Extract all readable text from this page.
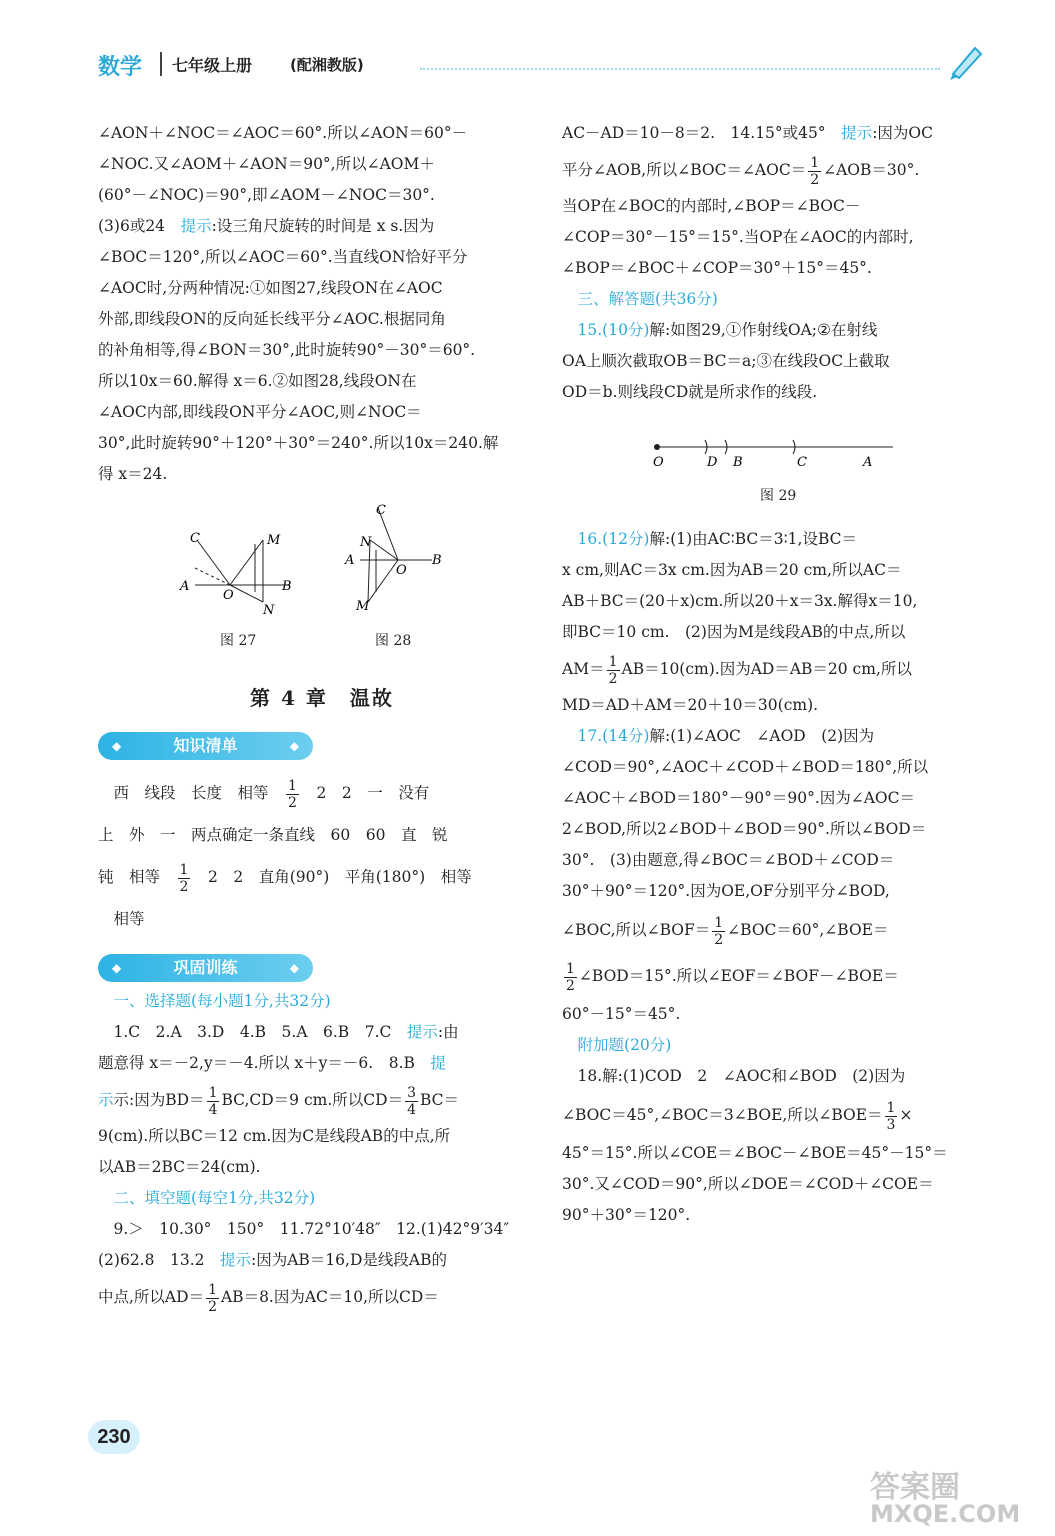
数学 七年级上册	(配湘教版)

∠AON＋∠NOC＝∠AOC＝60°.所以∠AON＝60°－

∠NOC.又∠AOM＋∠AON＝90°,所以∠AOM＋

(60°－∠NOC)＝90°,即∠AOM－∠NOC＝30°.

(3)6或24　 提示:设三角尺旋转的时间是 x s.因为

∠BOC＝120°,所以∠AOC＝60°.当直线ON恰好平分

∠AOC时,分两种情况:①如图27,线段ON在∠AOC

外部,即线段ON的反向延长线平分∠AOC.根据同角

的补角相等,得∠BON＝30°,此时旋转90°－30°＝60°.

所以10x＝60.解得 x＝6.②如图28,线段ON在

∠AOC内部,即线段ON平分∠AOC,则∠NOC＝

30°,此时旋转90°＋120°＋30°＝240°.所以10x＝240.解

得 x＝24.

C	M
A
O
B
N
图 27
C
N
A
O
B
M
图 28
第 4 章　温故
◆	知识清单	◆

　西　线段　长度　相等　 $\frac{1}{2}$
　 2　2　一　没有

上　外　一　两点确定一条直线　60　60　直　锐

钝　相等　 $\frac{1}{2}$
　 2　2　直角(90°)　平角(180°)　相等

　相等

◆	巩固训练	◆

　一、选择题(每小题1分,共32分)

　1.C　2.A　3.D　4.B　5.A　6.B　7.C　 提示:由

题意得 x＝－2,y＝－4.所以 x＋y＝－6.　8.B　 提

示示:因为$BD= \frac{1}{4} BC,CD=9$ cm.所以$CD= \frac{3}{4} BC=$

9(cm).所以BC＝12 cm.因为C是线段AB的中点,所

以AB＝2BC＝24(cm).

　二、填空题(每空1分,共32分)

　9.＞　10.30°　150°　11.72°10′48″　12.(1)42°9′34″

(2)62.8　13.2　 提示:因为AB＝16,D是线段AB的

中点,所以$AD= \frac{1}{2} AB=8$.因为AC＝10,所以CD＝

AC－AD＝10－8＝2.　14.15°或45°　 提示:因为OC

平分∠AOB,所以∠BOC＝∠AOC＝ $\frac{1}{2}$ ∠AOB＝30°.

当OP在∠BOC的内部时,∠BOP＝∠BOC－

∠COP＝30°－15°＝15°.当OP在∠AOC的内部时,

∠BOP＝∠BOC＋∠COP＝30°＋15°＝45°.

　三、解答题(共36分)

　15.(10分)解:如图29,①作射线OA;②在射线

OA上顺次截取OB＝BC＝a;③在线段OC上截取

OD＝b.则线段CD就是所求作的线段.

O	D B	C	A
图 29

　16.(12分)解:(1)由AC∶BC＝3∶1,设BC＝

x cm,则AC＝3x cm.因为AB＝20 cm,所以AC＝

AB＋BC＝(20＋x)cm.所以20＋x＝3x.解得x＝10,

即BC＝10 cm.　(2)因为M是线段AB的中点,所以

$AM= \frac{1}{2} AB=10(cm)$.因为AD＝AB＝20 cm,所以

MD＝AD＋AM＝20＋10＝30(cm).

　17.(14分)解:(1)∠AOC　∠AOD　(2)因为

∠COD＝90°,∠AOC＋∠COD＋∠BOD＝180°,所以

∠AOC＋∠BOD＝180°－90°＝90°.因为∠AOC＝

2∠BOD,所以2∠BOD＋∠BOD＝90°.所以∠BOD＝

30°.　(3)由题意,得∠BOC＝∠BOD＋∠COD＝

30°＋90°＝120°.因为OE,OF分别平分∠BOD,

∠BOC,所以∠BOF＝ $\frac{1}{2}$ ∠BOC＝60°,∠BOE＝

$\frac{1}{2}$ ∠BOD＝15°.所以∠EOF＝∠BOF－∠BOE＝

60°－15°＝45°.

　附加题(20分)

　18.解:(1)COD　2　∠AOC和∠BOD　(2)因为

∠BOC＝45°,∠BOC＝3∠BOE,所以∠BOE＝ $\frac{1}{3}$ ×

45°＝15°.所以∠COE＝∠BOC－∠BOE＝45°－15°＝

30°.又∠COD＝90°,所以∠DOE＝∠COD＋∠COE＝

90°＋30°＝120°.

230
答案圈
MXQE.COM
